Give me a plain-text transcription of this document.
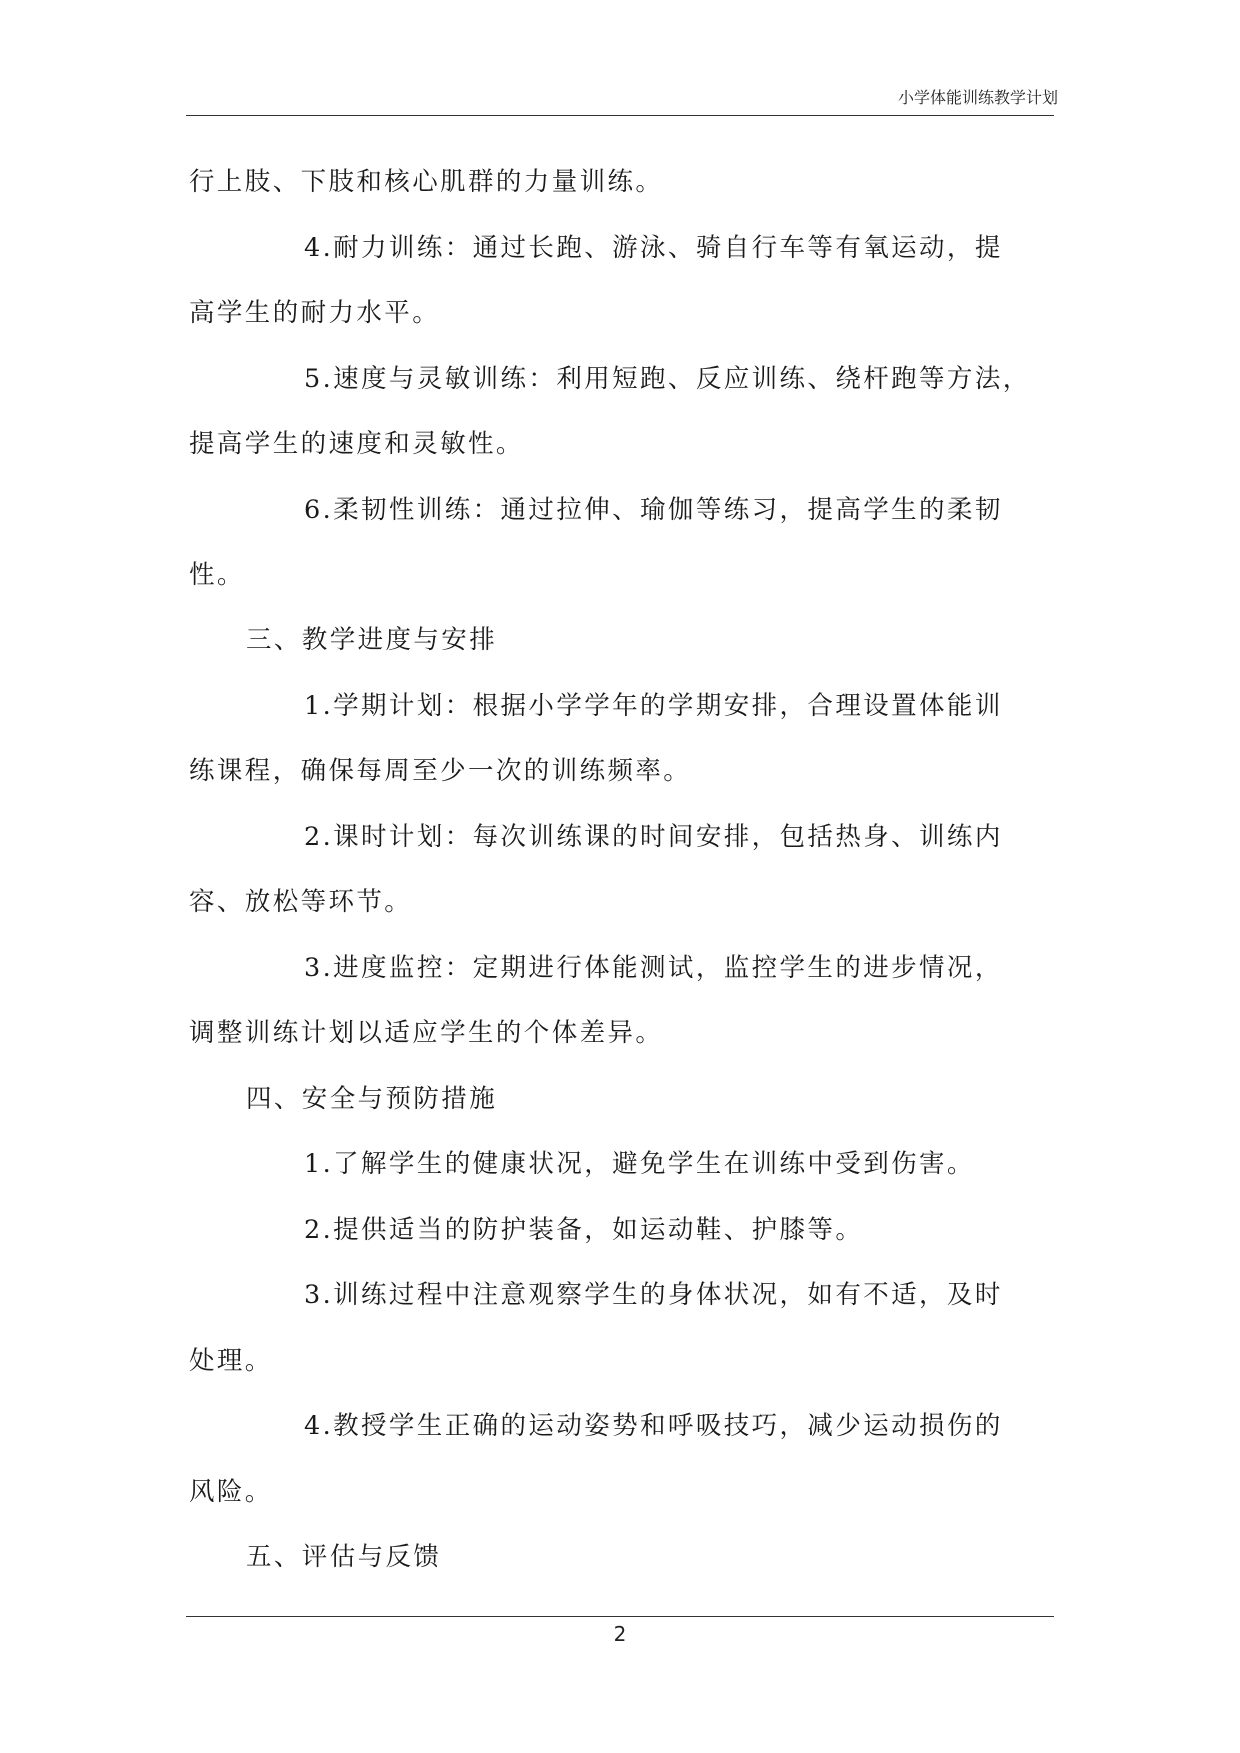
小学体能训练教学计划
行上肢、下肢和核心肌群的力量训练。
4.耐力训练：通过长跑、游泳、骑自行车等有氧运动，提
高学生的耐力水平。
5.速度与灵敏训练：利用短跑、反应训练、绕杆跑等方法，
提高学生的速度和灵敏性。
6.柔韧性训练：通过拉伸、瑜伽等练习，提高学生的柔韧
性。
三、教学进度与安排
1.学期计划：根据小学学年的学期安排，合理设置体能训
练课程，确保每周至少一次的训练频率。
2.课时计划：每次训练课的时间安排，包括热身、训练内
容、放松等环节。
3.进度监控：定期进行体能测试，监控学生的进步情况，
调整训练计划以适应学生的个体差异。
四、安全与预防措施
1.了解学生的健康状况，避免学生在训练中受到伤害。
2.提供适当的防护装备，如运动鞋、护膝等。
3.训练过程中注意观察学生的身体状况，如有不适，及时
处理。
4.教授学生正确的运动姿势和呼吸技巧，减少运动损伤的
风险。
五、评估与反馈
2
